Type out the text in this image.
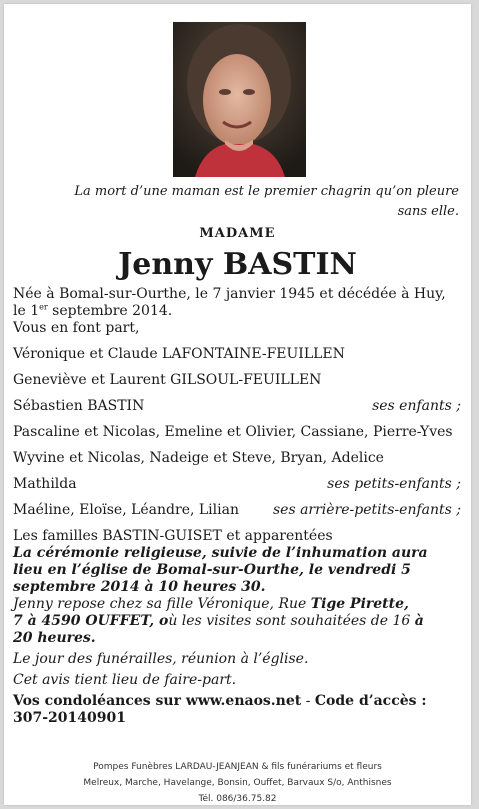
La mort d’une maman est le premier chagrin qu’on pleure sans elle.
MADAME
Jenny BASTIN

Née à Bomal-sur-Ourthe, le 7 janvier 1945 et décédée à Huy,

le 1er septembre 2014.

Vous en font part,

Véronique et Claude LAFONTAINE-FEUILLEN

Geneviève et Laurent GILSOUL-FEUILLEN

Sébastien BASTIN	ses enfants ;

Pascaline et Nicolas, Emeline et Olivier, Cassiane, Pierre-Yves

Wyvine et Nicolas, Nadeige et Steve, Bryan, Adelice

Mathilda	ses petits-enfants ;
Maéline, Eloïse, Léandre, Lilian ses arrière-petits-enfants ;

Les familles BASTIN-GUISET et apparentées

La cérémonie religieuse, suivie de l’inhumation aura lieu en l’église de Bomal-sur-Ourthe, le vendredi 5 septembre 2014 à 10 heures 30.

Jenny repose chez sa fille Véronique, Rue Tige Pirette,
7 à 4590 OUFFET, où les visites sont souhaitées de 16 à
20 heures.

Le jour des funérailles, réunion à l’église.

Cet avis tient lieu de faire-part.

Vos condoléances sur www.enaos.net - Code d’accès :
307-20140901

Pompes Funèbres LARDAU-JEANJEAN & fils funérariums et fleurs
Melreux, Marche, Havelange, Bonsin, Ouffet, Barvaux S/o, Anthisnes
Tél. 086/36.75.82
